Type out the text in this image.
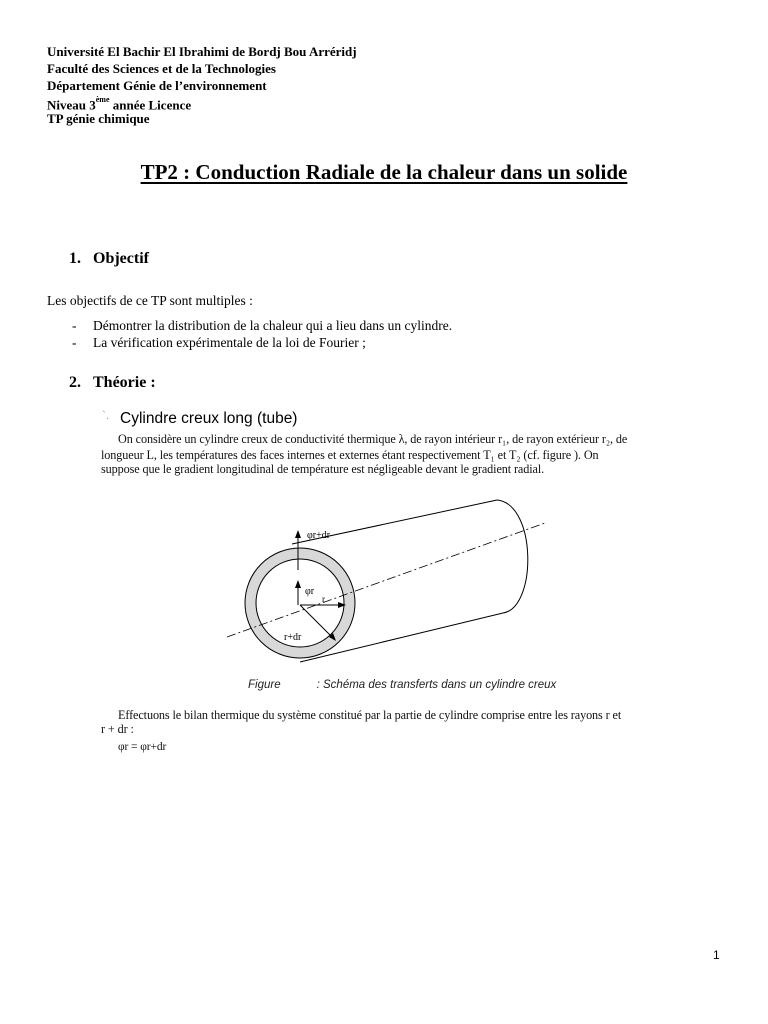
Université El Bachir El Ibrahimi de Bordj Bou Arréridj
Faculté des Sciences et de la Technologies
Département Génie de l’environnement
Niveau 3ème année Licence
TP génie chimique
TP2 : Conduction Radiale de la chaleur dans un solide
1. Objectif
Les objectifs de ce TP sont multiples :
- Démontrer la distribution de la chaleur qui a lieu dans un cylindre.
- La vérification expérimentale de la loi de Fourier ;
2. Théorie :
`. Cylindre creux long (tube)
On considère un cylindre creux de conductivité thermique λ, de rayon intérieur r₁, de rayon extérieur r₂, de
longueur L, les températures des faces internes et externes étant respectivement T₁ et T₂ (cf. figure ). On
suppose que le gradient longitudinal de température est négligeable devant le gradient radial.
φr+dr
φr
r
r+dr
Figure	: Schéma des transferts dans un cylindre creux
Effectuons le bilan thermique du système constitué par la partie de cylindre comprise entre les rayons r et
r + dr :
φr = φr+dr
1
